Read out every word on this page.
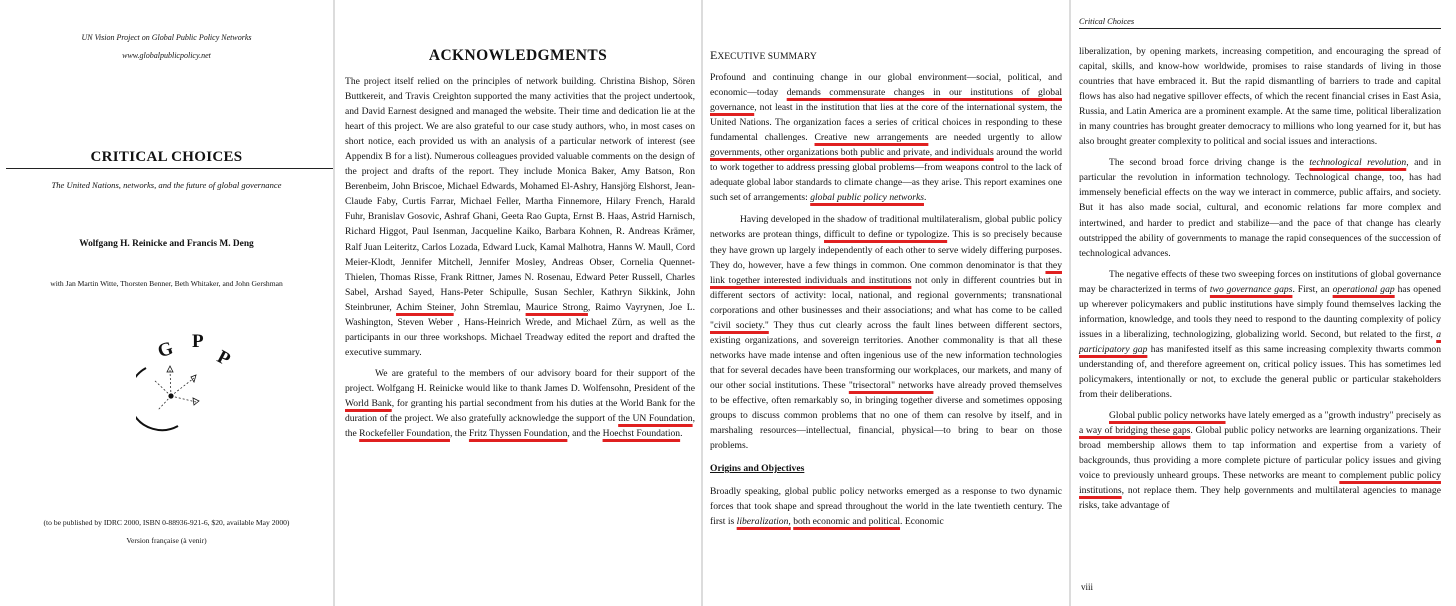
UN Vision Project on Global Public Policy Networks
www.globalpublicpolicy.net
CRITICAL CHOICES
The United Nations, networks, and the future of global governance
Wolfgang H. Reinicke and Francis M. Deng
with Jan Martin Witte, Thorsten Benner, Beth Whitaker, and John Gershman
G P
P
(to be published by IDRC 2000, ISBN 0-88936-921-6, $20, available May 2000)
Version française (à venir)
ACKNOWLEDGMENTS

The project itself relied on the principles of network building. Christina Bishop, Sören Buttkereit, and Travis Creighton supported the many activities that the project undertook, and David Earnest designed and managed the website. Their time and dedication lie at the heart of this project. We are also grateful to our case study authors, who, in most cases on short notice, each provided us with an analysis of a particular network of interest (see Appendix B for a list). Numerous colleagues provided valuable comments on the design of the project and drafts of the report. They include Monica Baker, Amy Batson, Ron Berenbeim, John Briscoe, Michael Edwards, Mohamed El-Ashry, Hansjörg Elshorst, Jean-Claude Faby, Curtis Farrar, Michael Feller, Martha Finnemore, Hilary French, Harald Fuhr, Branislav Gosovic, Ashraf Ghani, Geeta Rao Gupta, Ernst B. Haas, Astrid Harnisch, Richard Higgot, Paul Isenman, Jacqueline Kaiko, Barbara Kohnen, R. Andreas Krämer, Ralf Juan Leiteritz, Carlos Lozada, Edward Luck, Kamal Malhotra, Hanns W. Maull, Cord Meier-Klodt, Jennifer Mitchell, Jennifer Mosley, Andreas Obser, Cornelia Quennet-Thielen, Thomas Risse, Frank Rittner, James N. Rosenau, Edward Peter Russell, Charles Sabel, Arshad Sayed, Hans-Peter Schipulle, Susan Sechler, Kathryn Sikkink, John Steinbruner, Achim Steiner, John Stremlau, Maurice Strong, Raimo Vayrynen, Joe L. Washington, Steven Weber , Hans-Heinrich Wrede, and Michael Zürn, as well as the participants in our three workshops. Michael Treadway edited the report and drafted the executive summary.

We are grateful to the members of our advisory board for their support of the project. Wolfgang H. Reinicke would like to thank James D. Wolfensohn, President of the World Bank, for granting his partial secondment from his duties at the World Bank for the duration of the project. We also gratefully acknowledge the support of the UN Foundation, the Rockefeller Foundation, the Fritz Thyssen Foundation, and the Hoechst Foundation.

EXECUTIVE SUMMARY

Profound and continuing change in our global environment—social, political, and economic—today demands commensurate changes in our institutions of global governance, not least in the institution that lies at the core of the international system, the United Nations. The organization faces a series of critical choices in responding to these fundamental challenges. Creative new arrangements are needed urgently to allow governments, other organizations both public and private, and individuals around the world to work together to address pressing global problems—from weapons control to the lack of adequate global labor standards to climate change—as they arise. This report examines one such set of arrangements: global public policy networks.

Having developed in the shadow of traditional multilateralism, global public policy networks are protean things, difficult to define or typologize. This is so precisely because they have grown up largely independently of each other to serve widely differing purposes. They do, however, have a few things in common. One common denominator is that they link together interested individuals and institutions not only in different countries but in different sectors of activity: local, national, and regional governments; transnational corporations and other businesses and their associations; and what has come to be called "civil society." They thus cut clearly across the fault lines between different sectors, existing organizations, and sovereign territories. Another commonality is that all these networks have made intense and often ingenious use of the new information technologies that for several decades have been transforming our workplaces, our markets, and many of our other social institutions. These "trisectoral" networks have already proved themselves to be effective, often remarkably so, in bringing together diverse and sometimes opposing groups to discuss common problems that no one of them can resolve by itself, and in marshaling resources—intellectual, financial, physical—to bring to bear on those problems.

Origins and Objectives

Broadly speaking, global public policy networks emerged as a response to two dynamic forces that took shape and spread throughout the world in the late twentieth century. The first is liberalization, both economic and political. Economic

Critical Choices

liberalization, by opening markets, increasing competition, and encouraging the spread of capital, skills, and know-how worldwide, promises to raise standards of living in those countries that have embraced it. But the rapid dismantling of barriers to trade and capital flows has also had negative spillover effects, of which the recent financial crises in East Asia, Russia, and Latin America are a prominent example. At the same time, political liberalization in many countries has brought greater democracy to millions who long yearned for it, but has also brought greater complexity to political and social issues and interactions.

The second broad force driving change is the technological revolution, and in particular the revolution in information technology. Technological change, too, has had immensely beneficial effects on the way we interact in commerce, public affairs, and society. But it has also made social, cultural, and economic relations far more complex and intertwined, and harder to predict and stabilize—and the pace of that change has clearly outstripped the ability of governments to manage the rapid consequences of the succession of technological advances.

The negative effects of these two sweeping forces on institutions of global governance may be characterized in terms of two governance gaps. First, an operational gap has opened up wherever policymakers and public institutions have simply found themselves lacking the information, knowledge, and tools they need to respond to the daunting complexity of policy issues in a liberalizing, technologizing, globalizing world. Second, but related to the first, a participatory gap has manifested itself as this same increasing complexity thwarts common understanding of, and therefore agreement on, critical policy issues. This has sometimes led policymakers, intentionally or not, to exclude the general public or particular stakeholders from their deliberations.

Global public policy networks have lately emerged as a "growth industry" precisely as a way of bridging these gaps. Global public policy networks are learning organizations. Their broad membership allows them to tap information and expertise from a variety of backgrounds, thus providing a more complete picture of particular policy issues and giving voice to previously unheard groups. These networks are meant to complement public policy institutions, not replace them. They help governments and multilateral agencies to manage risks, take advantage of

viii
